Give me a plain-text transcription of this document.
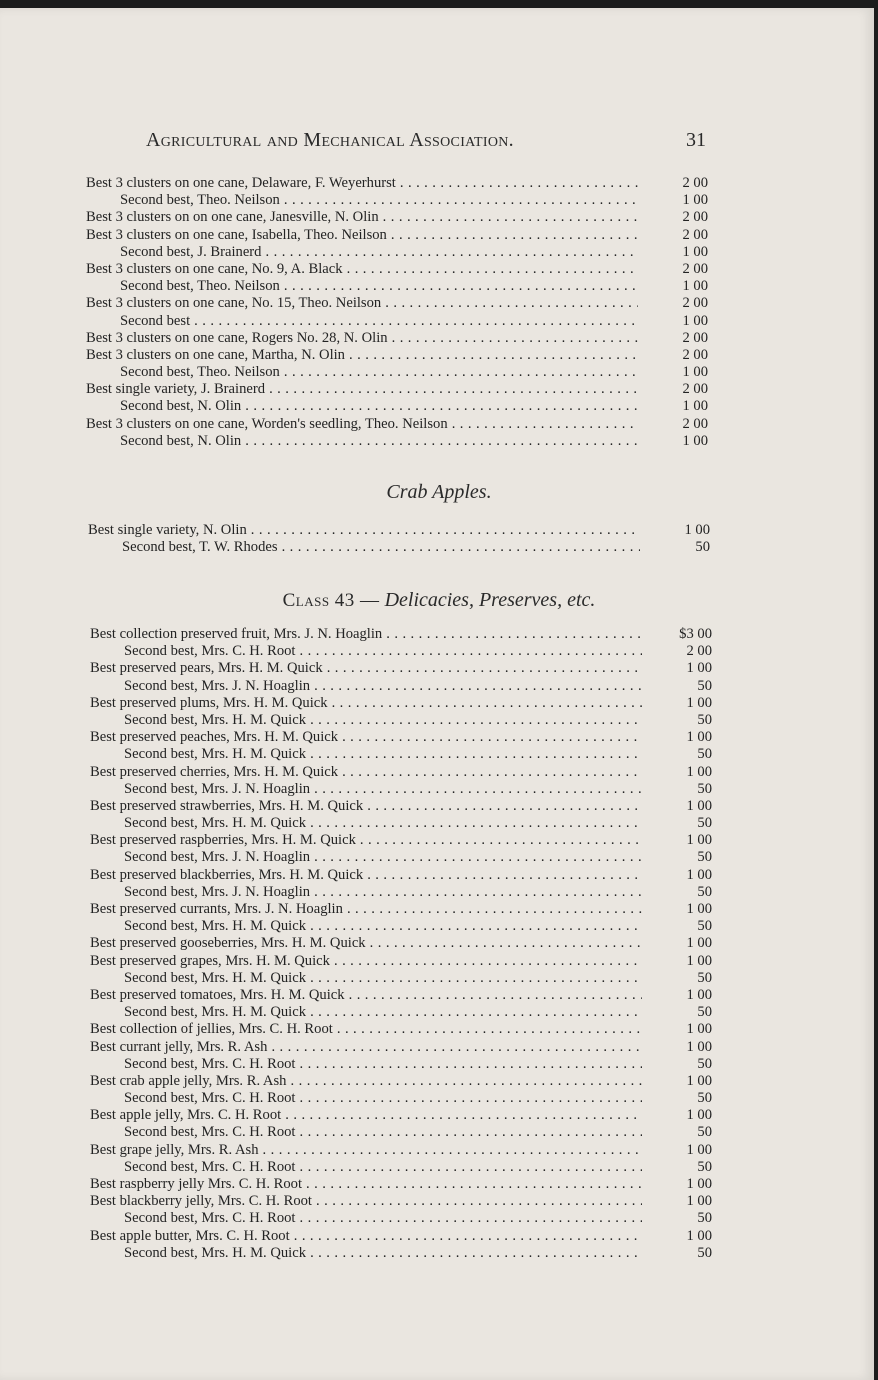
Agricultural and Mechanical Association.	31
Best 3 clusters on one cane, Delaware, F. Weyerhurst . . .	2 00
Second best, Theo. Neilson . . .	1 00
Best 3 clusters on on one cane, Janesville, N. Olin . . .	2 00
Best 3 clusters on one cane, Isabella, Theo. Neilson . . .	2 00
Second best, J. Brainerd . . .	1 00
Best 3 clusters on one cane, No. 9, A. Black . . .	2 00
Second best, Theo. Neilson . . .	1 00
Best 3 clusters on one cane, No. 15, Theo. Neilson . . .	2 00
Second best . . .	1 00
Best 3 clusters on one cane, Rogers No. 28, N. Olin . . .	2 00
Best 3 clusters on one cane, Martha, N. Olin . . .	2 00
Second best, Theo. Neilson . . .	1 00
Best single variety, J. Brainerd . . .	2 00
Second best, N. Olin . . .	1 00
Best 3 clusters on one cane, Worden's seedling, Theo. Neilson . . .	2 00
Second best, N. Olin . . .	1 00
Crab Apples.
Best single variety, N. Olin . . .	1 00
Second best, T. W. Rhodes . . .	50
Class 43 — Delicacies, Preserves, etc.
Best collection preserved fruit, Mrs. J. N. Hoaglin . . .	$3 00
Second best, Mrs. C. H. Root . . .	2 00
Best preserved pears, Mrs. H. M. Quick . . .	1 00
Second best, Mrs. J. N. Hoaglin . . .	50
Best preserved plums, Mrs. H. M. Quick . . .	1 00
Second best, Mrs. H. M. Quick . . .	50
Best preserved peaches, Mrs. H. M. Quick . . .	1 00
Second best, Mrs. H. M. Quick . . .	50
Best preserved cherries, Mrs. H. M. Quick . . .	1 00
Second best, Mrs. J. N. Hoaglin . . .	50
Best preserved strawberries, Mrs. H. M. Quick . . .	1 00
Second best, Mrs. H. M. Quick . . .	50
Best preserved raspberries, Mrs. H. M. Quick . . .	1 00
Second best, Mrs. J. N. Hoaglin . . .	50
Best preserved blackberries, Mrs. H. M. Quick . . .	1 00
Second best, Mrs. J. N. Hoaglin . . .	50
Best preserved currants, Mrs. J. N. Hoaglin . . .	1 00
Second best, Mrs. H. M. Quick . . .	50
Best preserved gooseberries, Mrs. H. M. Quick . . .	1 00
Best preserved grapes, Mrs. H. M. Quick . . .	1 00
Second best, Mrs. H. M. Quick . . .	50
Best preserved tomatoes, Mrs. H. M. Quick . . .	1 00
Second best, Mrs. H. M. Quick . . .	50
Best collection of jellies, Mrs. C. H. Root . . .	1 00
Best currant jelly, Mrs. R. Ash . . .	1 00
Second best, Mrs. C. H. Root . . .	50
Best crab apple jelly, Mrs. R. Ash . . .	1 00
Second best, Mrs. C. H. Root . . .	50
Best apple jelly, Mrs. C. H. Root . . .	1 00
Second best, Mrs. C. H. Root . . .	50
Best grape jelly, Mrs. R. Ash . . .	1 00
Second best, Mrs. C. H. Root . . .	50
Best raspberry jelly Mrs. C. H. Root . . .	1 00
Best blackberry jelly, Mrs. C. H. Root . . .	1 00
Second best, Mrs. C. H. Root . . .	50
Best apple butter, Mrs. C. H. Root . . .	1 00
Second best, Mrs. H. M. Quick . . .	50
